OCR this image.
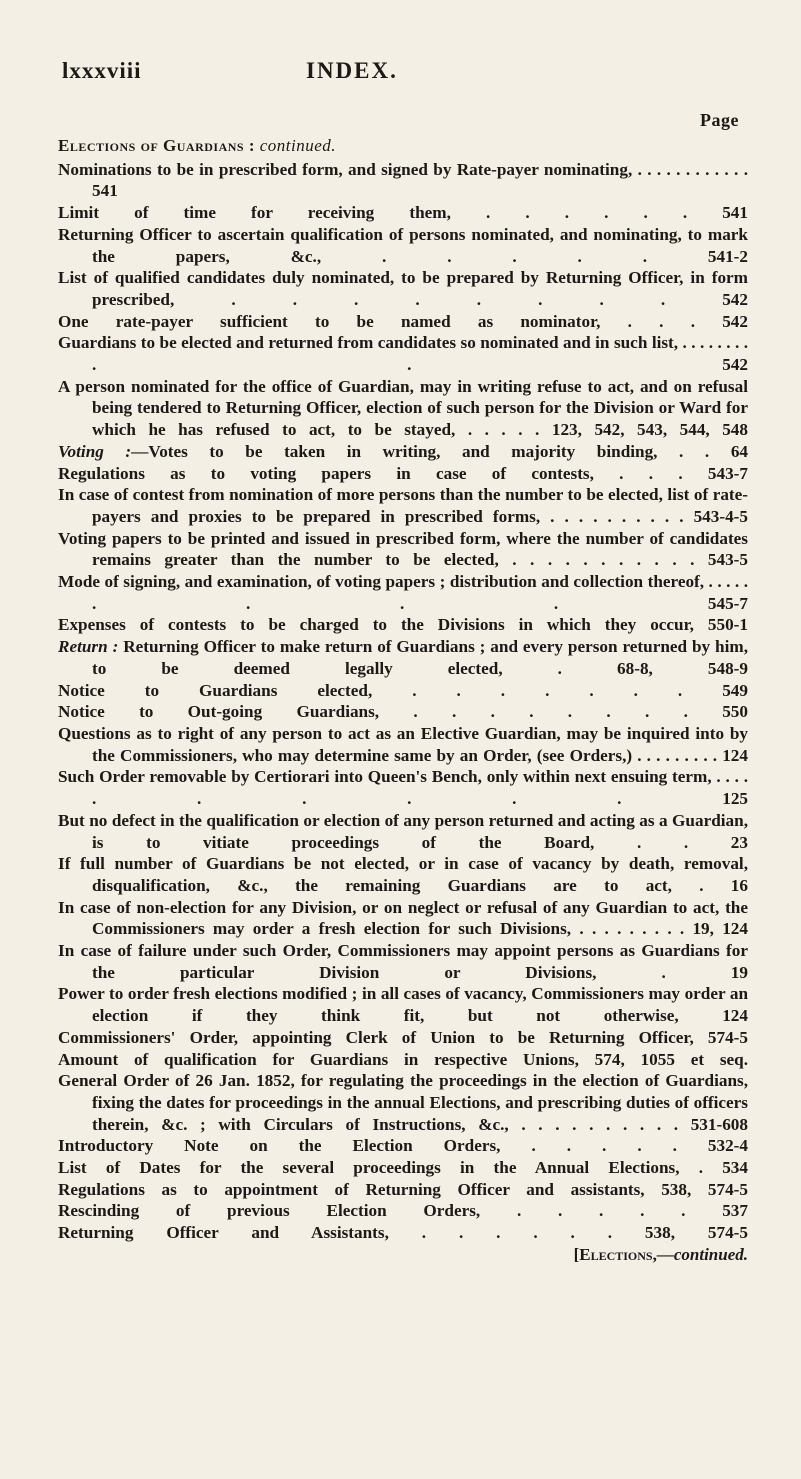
lxxxviii	INDEX.
Page
Elections of Guardians : continued.

Nominations to be in prescribed form, and signed by Rate-payer nominating, . . . . . . . . . . . . 541

Limit of time for receiving them, . . . . . . 541

Returning Officer to ascertain qualification of persons nominated, and nominating, to mark the papers, &c., . . . . . 541-2

List of qualified candidates duly nominated, to be prepared by Returning Officer, in form prescribed, . . . . . . . . 542

One rate-payer sufficient to be named as nominator, . . . 542

Guardians to be elected and returned from candidates so nominated and in such list, . . . . . . . . . . 542

A person nominated for the office of Guardian, may in writing refuse to act, and on refusal being tendered to Returning Officer, election of such person for the Division or Ward for which he has refused to act, to be stayed, . . . . . 123, 542, 543, 544, 548

Voting :—Votes to be taken in writing, and majority binding, . . 64

Regulations as to voting papers in case of contests, . . . 543-7

In case of contest from nomination of more persons than the number to be elected, list of rate-payers and proxies to be prepared in prescribed forms, . . . . . . . . . . 543-4-5

Voting papers to be printed and issued in prescribed form, where the number of candidates remains greater than the number to be elected, . . . . . . . . . . . 543-5

Mode of signing, and examination, of voting papers ; distribution and collection thereof, . . . . . . . . . 545-7

Expenses of contests to be charged to the Divisions in which they occur, 550-1

Return : Returning Officer to make return of Guardians ; and every person returned by him, to be deemed legally elected, . 68-8, 548-9

Notice to Guardians elected, . . . . . . . 549

Notice to Out-going Guardians, . . . . . . . . 550

Questions as to right of any person to act as an Elective Guardian, may be inquired into by the Commissioners, who may determine same by an Order, (see Orders,) . . . . . . . . . 124

Such Order removable by Certiorari into Queen's Bench, only within next ensuing term, . . . . . . . . . . 125

But no defect in the qualification or election of any person returned and acting as a Guardian, is to vitiate proceedings of the Board, . . 23

If full number of Guardians be not elected, or in case of vacancy by death, removal, disqualification, &c., the remaining Guardians are to act, . 16

In case of non-election for any Division, or on neglect or refusal of any Guardian to act, the Commissioners may order a fresh election for such Divisions, . . . . . . . . . 19, 124

In case of failure under such Order, Commissioners may appoint persons as Guardians for the particular Division or Divisions, . 19

Power to order fresh elections modified ; in all cases of vacancy, Commissioners may order an election if they think fit, but not otherwise, 124

Commissioners' Order, appointing Clerk of Union to be Returning Officer, 574-5

Amount of qualification for Guardians in respective Unions, 574, 1055 et seq.

General Order of 26 Jan. 1852, for regulating the proceedings in the election of Guardians, fixing the dates for proceedings in the annual Elections, and prescribing duties of officers therein, &c. ; with Circulars of Instructions, &c., . . . . . . . . . . 531-608

Introductory Note on the Election Orders, . . . . . 532-4

List of Dates for the several proceedings in the Annual Elections, . 534

Regulations as to appointment of Returning Officer and assistants, 538, 574-5

Rescinding of previous Election Orders, . . . . . 537

Returning Officer and Assistants, . . . . . . 538, 574-5

[Elections,—continued.
